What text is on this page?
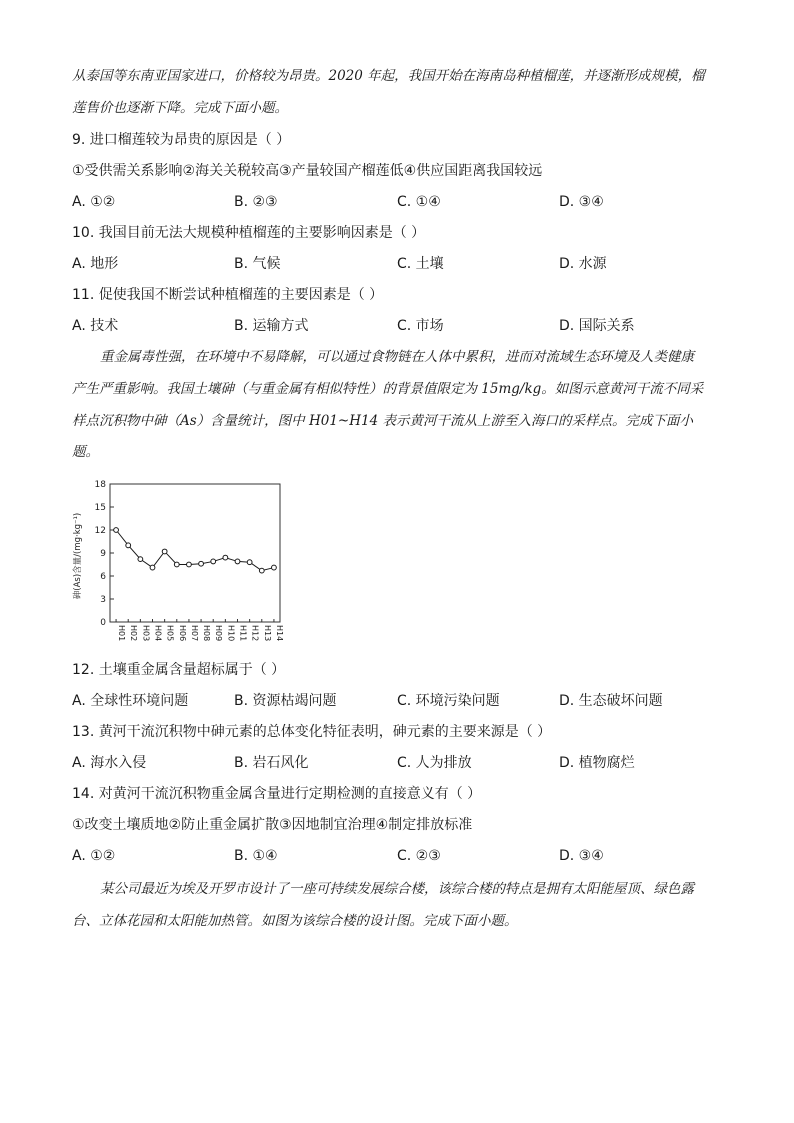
从泰国等东南亚国家进口，价格较为昂贵。2020 年起，我国开始在海南岛种植榴莲，并逐渐形成规模，榴
莲售价也逐渐下降。完成下面小题。
9. 进口榴莲较为昂贵的原因是（ ）
①受供需关系影响②海关关税较高③产量较国产榴莲低④供应国距离我国较远
A. ①②	B. ②③	C. ①④	D. ③④
10. 我国目前无法大规模种植榴莲的主要影响因素是（ ）
A. 地形	B. 气候	C. 土壤	D. 水源
11. 促使我国不断尝试种植榴莲的主要因素是（ ）
A. 技术	B. 运输方式	C. 市场	D. 国际关系
重金属毒性强，在环境中不易降解，可以通过食物链在人体中累积，进而对流域生态环境及人类健康
产生严重影响。我国土壤砷（与重金属有相似特性）的背景值限定为 15mg/kg。如图示意黄河干流不同采
样点沉积物中砷（As）含量统计，图中 H01~H14 表示黄河干流从上游至入海口的采样点。完成下面小
题。
砷(As)含量/(mg·kg⁻¹)
0
3
6
9
12
15
18
H01 H02 H03 H04 H05 H06 H07 H08 H09 H10 H11 H12 H13 H14
12. 土壤重金属含量超标属于（ ）
A. 全球性环境问题	B. 资源枯竭问题	C. 环境污染问题	D. 生态破坏问题
13. 黄河干流沉积物中砷元素的总体变化特征表明，砷元素的主要来源是（ ）
A. 海水入侵	B. 岩石风化	C. 人为排放	D. 植物腐烂
14. 对黄河干流沉积物重金属含量进行定期检测的直接意义有（ ）
①改变土壤质地②防止重金属扩散③因地制宜治理④制定排放标准
A. ①②	B. ①④	C. ②③	D. ③④
某公司最近为埃及开罗市设计了一座可持续发展综合楼，该综合楼的特点是拥有太阳能屋顶、绿色露
台、立体花园和太阳能加热管。如图为该综合楼的设计图。完成下面小题。
